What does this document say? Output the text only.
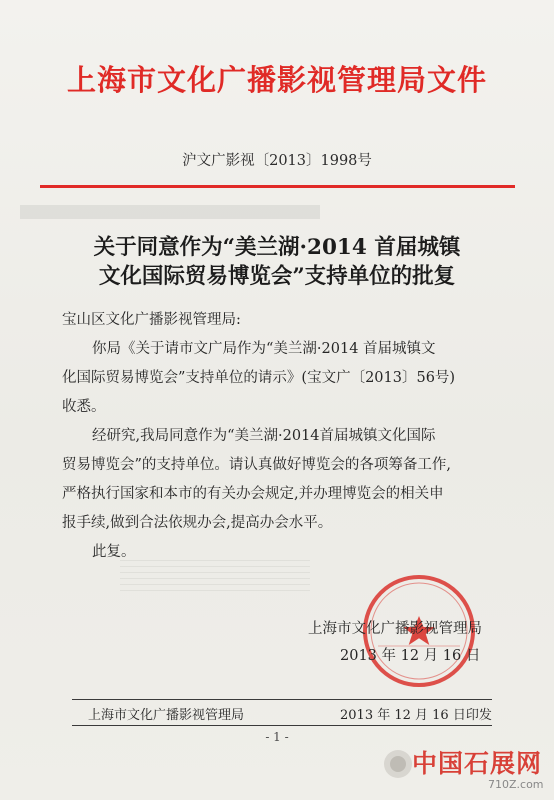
上海市文化广播影视管理局文件
沪文广影视〔2013〕1998号
关于同意作为“美兰湖·2014 首届城镇
文化国际贸易博览会”支持单位的批复
宝山区文化广播影视管理局:
你局《关于请市文广局作为“美兰湖·2014 首届城镇文
化国际贸易博览会”支持单位的请示》(宝文广〔2013〕56号)
收悉。
经研究,我局同意作为“美兰湖·2014首届城镇文化国际
贸易博览会”的支持单位。请认真做好博览会的各项筹备工作,
严格执行国家和本市的有关办会规定,并办理博览会的相关申
报手续,做到合法依规办会,提高办会水平。
此复。
上海市文化广播影视管理局
2013 年 12 月 16 日
上海市文化广播影视管理局	2013 年 12 月 16 日印发
- 1 -
中国石展网
710Z.com
